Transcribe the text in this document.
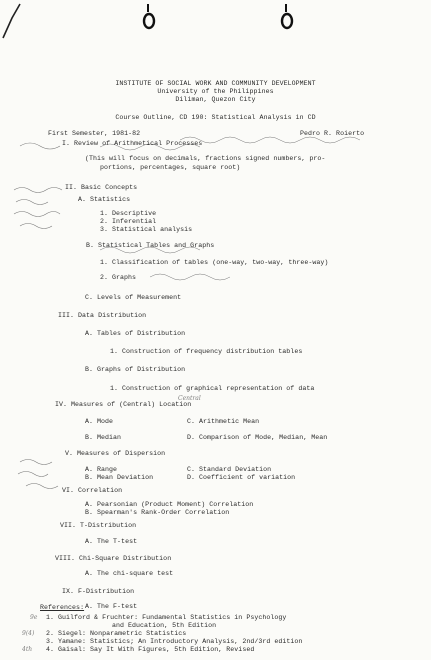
INSTITUTE OF SOCIAL WORK AND COMMUNITY DEVELOPMENT
University of the Philippines
Diliman, Quezon City
Course Outline, CD 190: Statistical Analysis in CD
First Semester, 1981-82	Pedro R. Roierto
I. Review of Arithmetical Processes
(This will focus on decimals, fractions signed numbers, pro-
portions, percentages, square root)
II. Basic Concepts
A. Statistics
1. Descriptive
2. Inferential
3. Statistical analysis
B. Statistical Tables and Graphs
1. Classification of tables (one-way, two-way, three-way)
2. Graphs
C. Levels of Measurement
III. Data Distribution
A. Tables of Distribution
1. Construction of frequency distribution tables
B. Graphs of Distribution
1. Construction of graphical representation of data
Central
IV. Measures of (Central) Location
A. Mode	C. Arithmetic Mean
B. Median	D. Comparison of Mode, Median, Mean
V. Measures of Dispersion
A. Range	C. Standard Deviation
B. Mean Deviation	D. Coefficient of variation
VI. Correlation
A. Pearsonian (Product Moment) Correlation
B. Spearman's Rank-Order Correlation
VII. T-Distribution
A. The T-test
VIII. Chi-Square Distribution
A. The chi-square test
IX. F-Distribution
A. The F-test
References:
9e 1. Guilford & Fruchter: Fundamental Statistics in Psychology
and Education, 5th Edition
9(4) 2. Siegel: Nonparametric Statistics
3. Yamane: Statistics; An Introductory Analysis, 2nd/3rd edition
4th 4. Gaisal: Say It With Figures, 5th Edition, Revised
